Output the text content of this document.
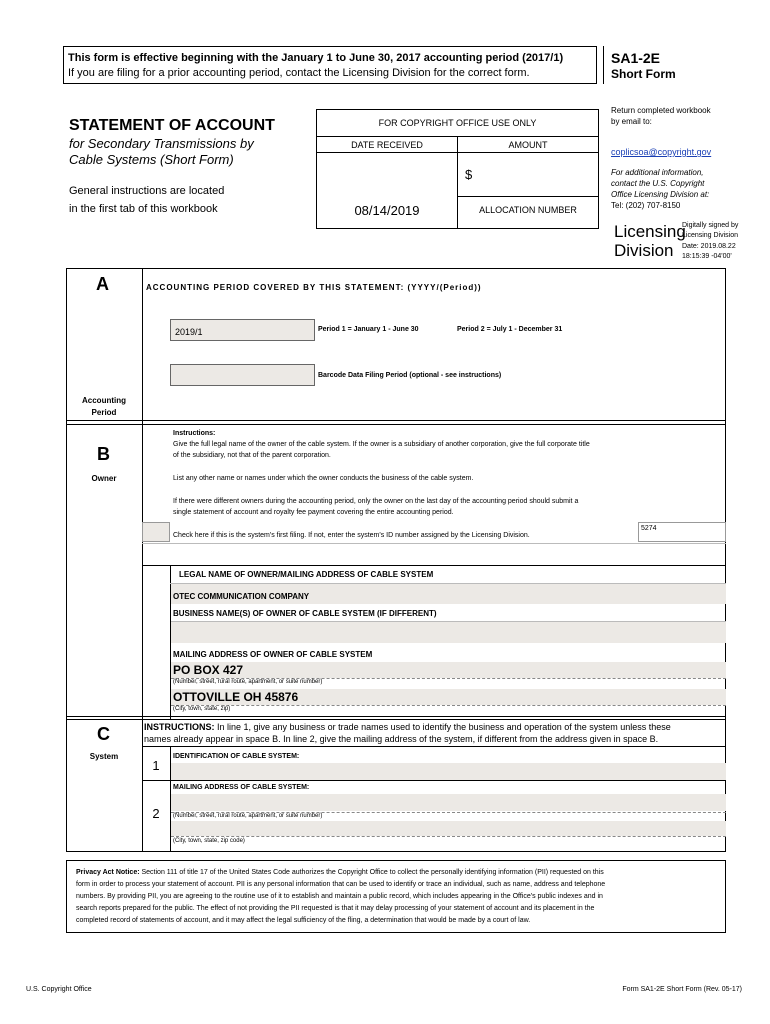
This form is effective beginning with the January 1 to June 30, 2017 accounting period (2017/1)
If you are filing for a prior accounting period, contact the Licensing Division for the correct form.
SA1-2E
Short Form
STATEMENT OF ACCOUNT
for Secondary Transmissions by
Cable Systems (Short Form)
General instructions are located
in the first tab of this workbook
FOR COPYRIGHT OFFICE USE ONLY
DATE RECEIVED	AMOUNT
$
08/14/2019	ALLOCATION NUMBER
Return completed workbook
by email to:
coplicsoa@copyright.gov
For additional information,
contact the U.S. Copyright
Office Licensing Division at:
Tel: (202) 707-8150
Licensing
Division
Digitally signed by
Licensing Division
Date: 2019.08.22
18:15:39 -04'00'
A
Accounting
Period
ACCOUNTING PERIOD COVERED BY THIS STATEMENT: (YYYY/(Period))
2019/1	Period 1 = January 1 - June 30	Period 2 = July 1 - December 31
Barcode Data Filing Period (optional - see instructions)
B
Owner
Instructions:
Give the full legal name of the owner of the cable system. If the owner is a subsidiary of another corporation, give the full corporate title
of the subsidiary, not that of the parent corporation.
List any other name or names under which the owner conducts the business of the cable system.
If there were different owners during the accounting period, only the owner on the last day of the accounting period should submit a
single statement of account and royalty fee payment covering the entire accounting period.
Check here if this is the system's first filing. If not, enter the system's ID number assigned by the Licensing Division.
5274
LEGAL NAME OF OWNER/MAILING ADDRESS OF CABLE SYSTEM
OTEC COMMUNICATION COMPANY
BUSINESS NAME(S) OF OWNER OF CABLE SYSTEM (IF DIFFERENT)
MAILING ADDRESS OF OWNER OF CABLE SYSTEM
PO BOX 427
(Number, street, rural route, apartment, or suite number)
OTTOVILLE OH 45876
(City, town, state, zip)
C
System
INSTRUCTIONS: In line 1, give any business or trade names used to identify the business and operation of the system unless these
names already appear in space B. In line 2, give the mailing address of the system, if different from the address given in space B.
1
IDENTIFICATION OF CABLE SYSTEM:
MAILING ADDRESS OF CABLE SYSTEM:
2	(Number, street, rural route, apartment, or suite number)
(City, town, state, zip code)
Privacy Act Notice: Section 111 of title 17 of the United States Code authorizes the Copyright Office to collect the personally identifying information (PII) requested on this
form in order to process your statement of account. PII is any personal information that can be used to identify or trace an individual, such as name, address and telephone
numbers. By providing PII, you are agreeing to the routine use of it to establish and maintain a public record, which includes appearing in the Office's public indexes and in
search reports prepared for the public. The effect of not providing the PII requested is that it may delay processing of your statement of account and its placement in the
completed record of statements of account, and it may affect the legal sufficiency of the fling, a determination that would be made by a court of law.
U.S. Copyright Office	Form SA1-2E Short Form (Rev. 05-17)
